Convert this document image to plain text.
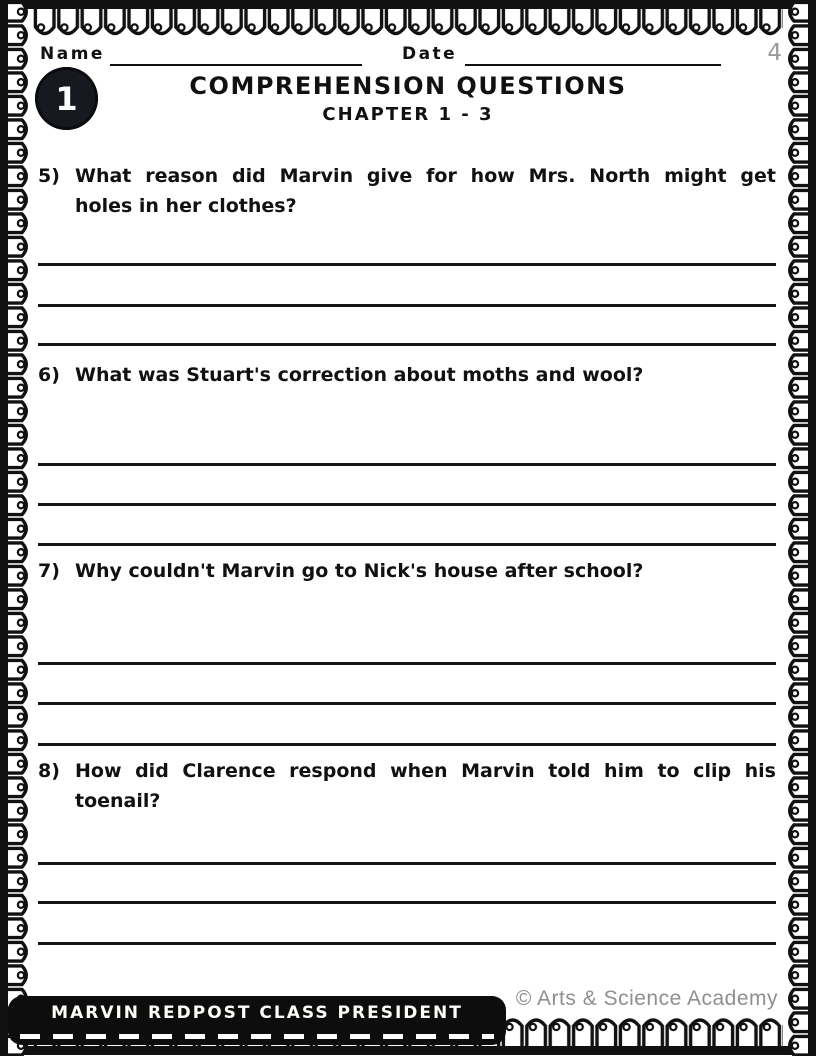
Name	Date	4
1	COMPREHENSION QUESTIONS
CHAPTER 1 - 3
5) What reason did Marvin give for how Mrs. North might get
holes in her clothes?
6) What was Stuart's correction about moths and wool?
7) Why couldn't Marvin go to Nick's house after school?
8) How did Clarence respond when Marvin told him to clip his
toenail?
MARVIN REDPOST CLASS PRESIDENT
© Arts & Science Academy
